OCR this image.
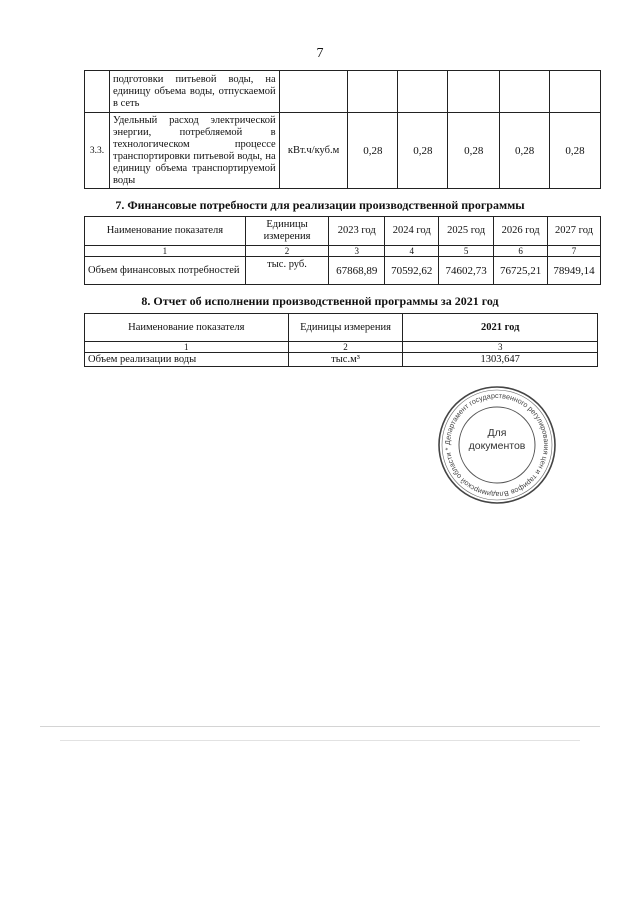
7
	подготовки питьевой воды, на единицу объема воды, отпускаемой в сеть						
3.3.	Удельный расход электрической энергии, потребляемой в технологическом процессе транспортировки питьевой воды, на единицу объема транспортируемой воды	кВт.ч/куб.м	0,28	0,28	0,28	0,28	0,28
7. Финансовые потребности для реализации производственной программы
Наименование показателя	Единицы измерения	2023 год	2024 год	2025 год	2026 год	2027 год
1	2	3	4	5	6	7
Объем финансовых потребностей	тыс. руб.	67868,89	70592,62	74602,73	76725,21	78949,14
8. Отчет об исполнении производственной программы за 2021 год
Наименование показателя	Единицы измерения	2021 год
1	2	3
Объем реализации воды	тыс.м³	1303,647
Департамент государственного регулирования цен и тарифов Владимирской области *
Для
документов
